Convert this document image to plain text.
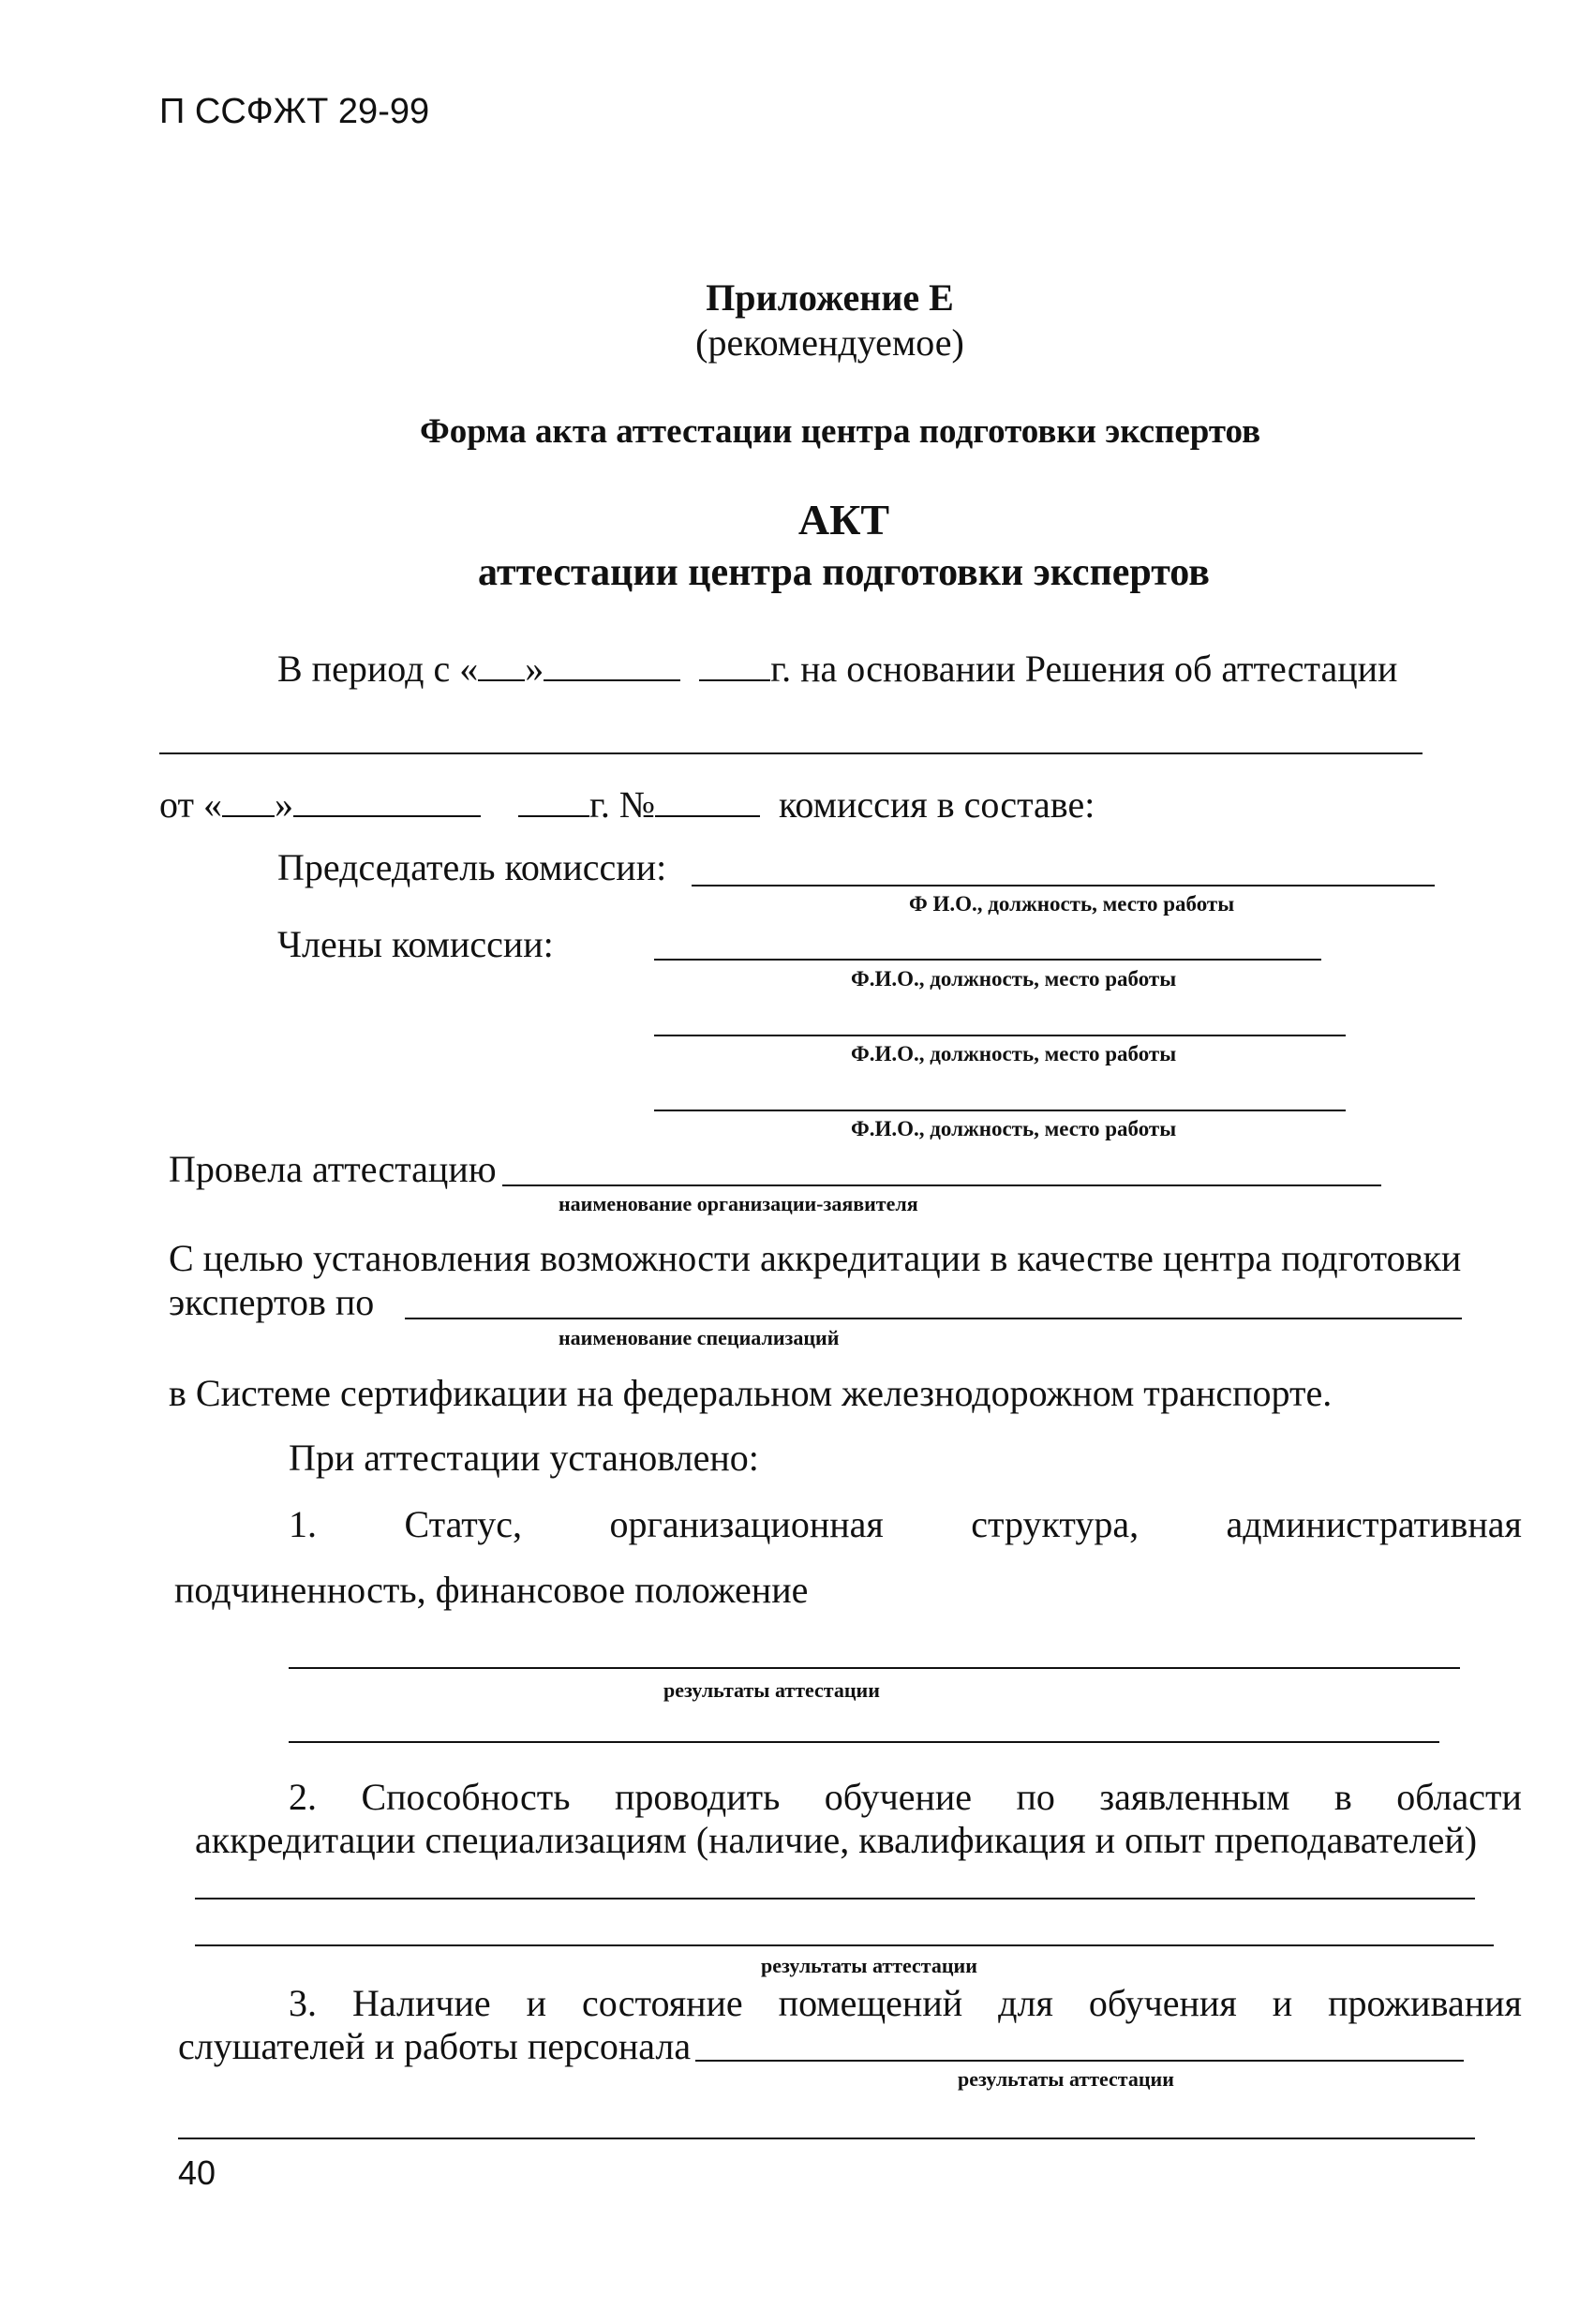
П ССФЖТ 29-99
Приложение Е
(рекомендуемое)
Форма акта аттестации центра подготовки экспертов
АКТ
аттестации центра подготовки экспертов
В период с « »	г. на основании Решения об аттестации
от « »	г. №	комиссия в составе:
Председатель комиссии:
Ф И.О., должность, место работы
Члены комиссии:
Ф.И.О., должность, место работы
Ф.И.О., должность, место работы
Ф.И.О., должность, место работы
Провела аттестацию
наименование организации-заявителя
С целью установления возможности аккредитации в качестве центра подготовки
экспертов по
наименование специализаций
в Системе сертификации на федеральном железнодорожном транспорте.
При аттестации установлено:
1. Статус, организационная структура, административная
подчиненность, финансовое положение
результаты аттестации
2. Способность проводить обучение по заявленным в области
аккредитации специализациям (наличие, квалификация и опыт преподавателей)
результаты аттестации
3. Наличие и состояние помещений для обучения и проживания
слушателей и работы персонала
результаты аттестации
40
